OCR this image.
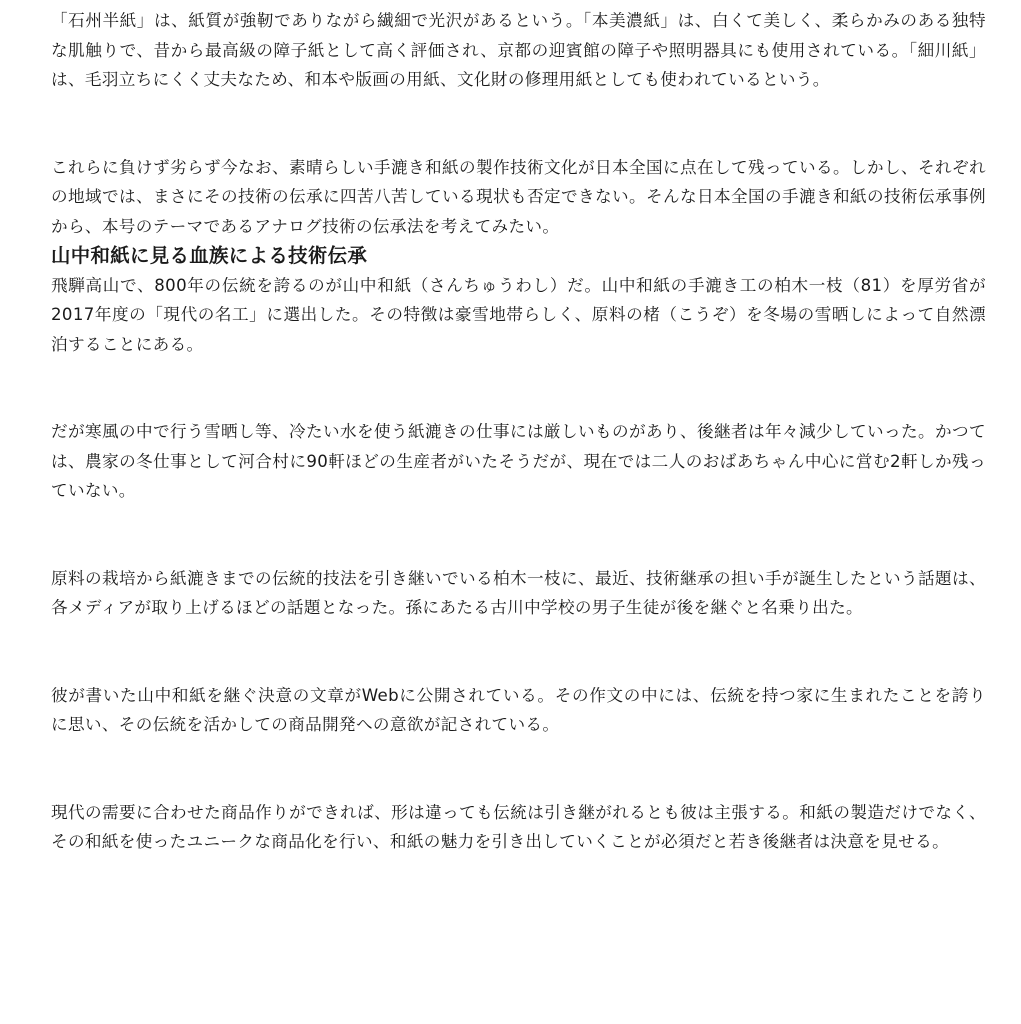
「石州半紙」は、紙質が強靭でありながら繊細で光沢があるという。「本美濃紙」は、白くて美しく、柔らかみのある独特な肌触りで、昔から最高級の障子紙として高く評価され、京都の迎賓館の障子や照明器具にも使用されている。「細川紙」は、毛羽立ちにくく丈夫なため、和本や版画の用紙、文化財の修理用紙としても使われているという。

これらに負けず劣らず今なお、素晴らしい手漉き和紙の製作技術文化が日本全国に点在して残っている。しかし、それぞれの地域では、まさにその技術の伝承に四苦八苦している現状も否定できない。そんな日本全国の手漉き和紙の技術伝承事例から、本号のテーマであるアナログ技術の伝承法を考えてみたい。

山中和紙に見る血族による技術伝承

飛騨高山で、800年の伝統を誇るのが山中和紙（さんちゅうわし）だ。山中和紙の手漉き工の柏木一枝（81）を厚労省が2017年度の「現代の名工」に選出した。その特徴は豪雪地帯らしく、原料の楮（こうぞ）を冬場の雪晒しによって自然漂泊することにある。

だが寒風の中で行う雪晒し等、冷たい水を使う紙漉きの仕事には厳しいものがあり、後継者は年々減少していった。かつては、農家の冬仕事として河合村に90軒ほどの生産者がいたそうだが、現在では二人のおばあちゃん中心に営む2軒しか残っていない。

原料の栽培から紙漉きまでの伝統的技法を引き継いでいる柏木一枝に、最近、技術継承の担い手が誕生したという話題は、各メディアが取り上げるほどの話題となった。孫にあたる古川中学校の男子生徒が後を継ぐと名乗り出た。

彼が書いた山中和紙を継ぐ決意の文章がWebに公開されている。その作文の中には、伝統を持つ家に生まれたことを誇りに思い、その伝統を活かしての商品開発への意欲が記されている。

現代の需要に合わせた商品作りができれば、形は違っても伝統は引き継がれるとも彼は主張する。和紙の製造だけでなく、その和紙を使ったユニークな商品化を行い、和紙の魅力を引き出していくことが必須だと若き後継者は決意を見せる。
